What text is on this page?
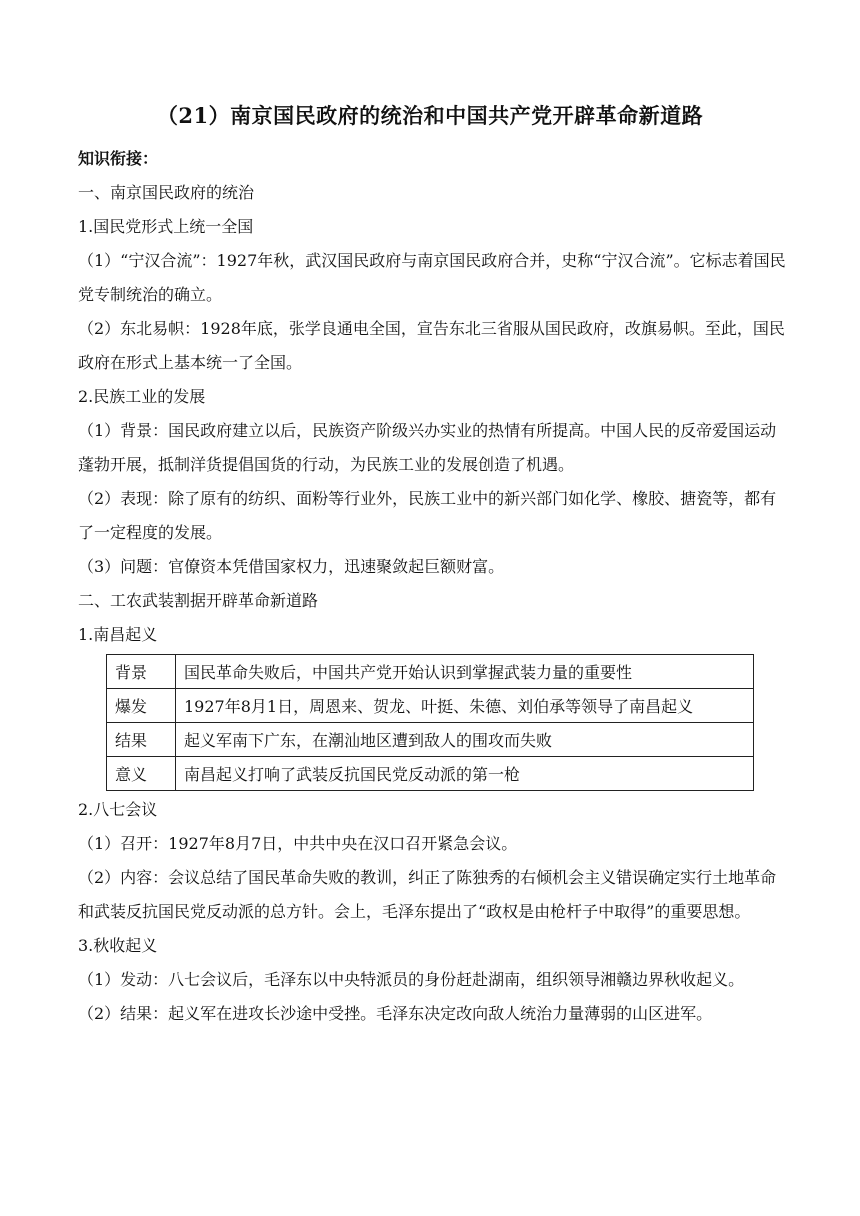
（21）南京国民政府的统治和中国共产党开辟革命新道路
知识衔接：
一、南京国民政府的统治
1.国民党形式上统一全国
（1）“宁汉合流”：1927年秋，武汉国民政府与南京国民政府合并，史称“宁汉合流”。它标志着国民党专制统治的确立。
（2）东北易帜：1928年底，张学良通电全国，宣告东北三省服从国民政府，改旗易帜。至此，国民政府在形式上基本统一了全国。
2.民族工业的发展
（1）背景：国民政府建立以后，民族资产阶级兴办实业的热情有所提高。中国人民的反帝爱国运动蓬勃开展，抵制洋货提倡国货的行动，为民族工业的发展创造了机遇。
（2）表现：除了原有的纺织、面粉等行业外，民族工业中的新兴部门如化学、橡胶、搪瓷等，都有了一定程度的发展。
（3）问题：官僚资本凭借国家权力，迅速聚敛起巨额财富。
二、工农武装割据开辟革命新道路
1.南昌起义
背景	国民革命失败后，中国共产党开始认识到掌握武装力量的重要性
爆发	1927年8月1日，周恩来、贺龙、叶挺、朱德、刘伯承等领导了南昌起义
结果	起义军南下广东，在潮汕地区遭到敌人的围攻而失败
意义	南昌起义打响了武装反抗国民党反动派的第一枪
2.八七会议
（1）召开：1927年8月7日，中共中央在汉口召开紧急会议。
（2）内容：会议总结了国民革命失败的教训，纠正了陈独秀的右倾机会主义错误确定实行土地革命和武装反抗国民党反动派的总方针。会上，毛泽东提出了“政权是由枪杆子中取得”的重要思想。
3.秋收起义
（1）发动：八七会议后，毛泽东以中央特派员的身份赶赴湖南，组织领导湘赣边界秋收起义。
（2）结果：起义军在进攻长沙途中受挫。毛泽东决定改向敌人统治力量薄弱的山区进军。
